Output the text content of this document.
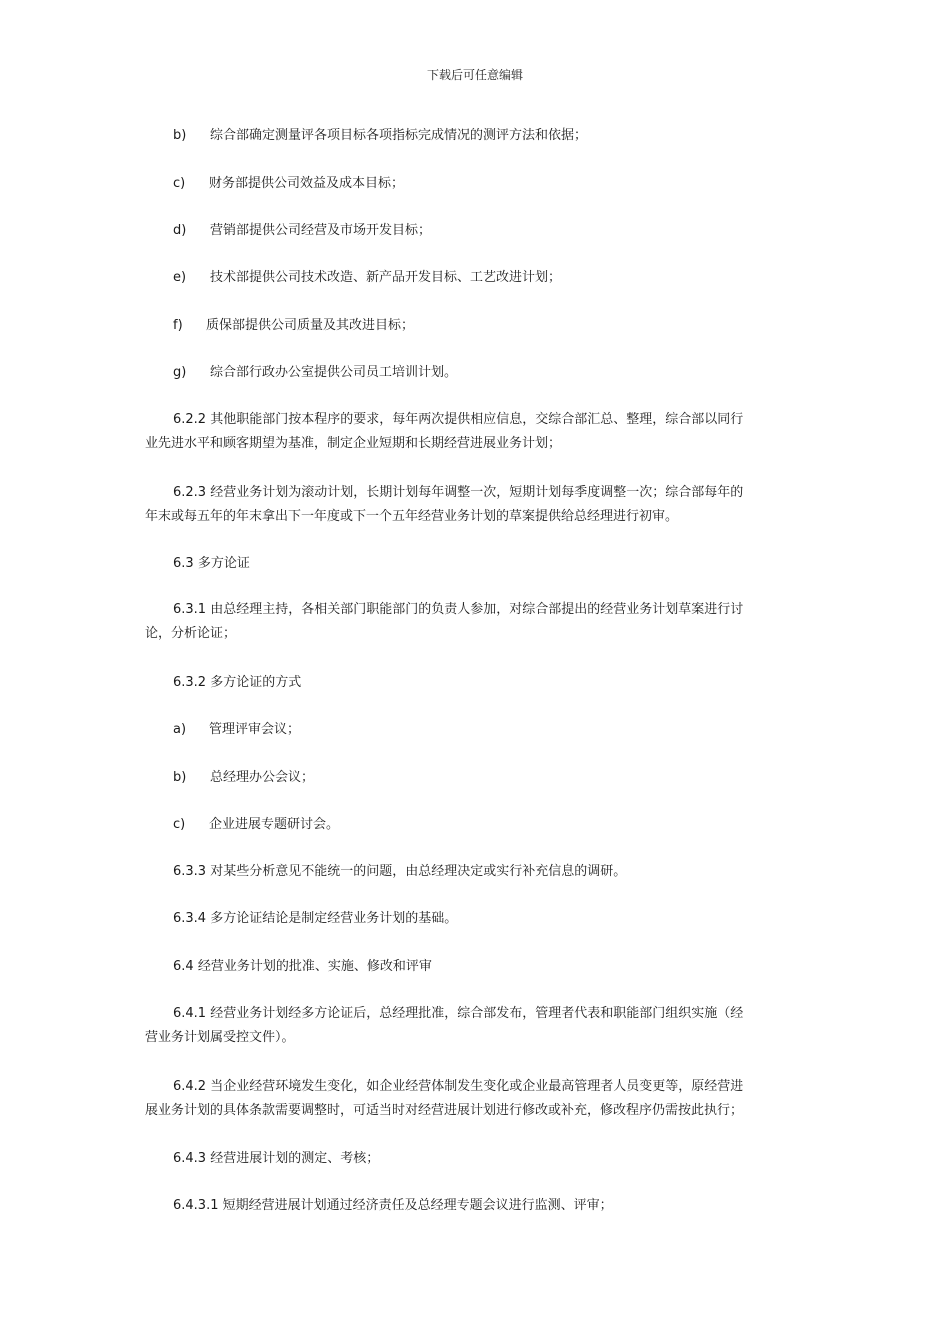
下载后可任意编辑
b) 综合部确定测量评各项目标各项指标完成情况的测评方法和依据；
c) 财务部提供公司效益及成本目标；
d) 营销部提供公司经营及市场开发目标；
e) 技术部提供公司技术改造、新产品开发目标、工艺改进计划；
f) 质保部提供公司质量及其改进目标；
g) 综合部行政办公室提供公司员工培训计划。
6.2.2 其他职能部门按本程序的要求，每年两次提供相应信息，交综合部汇总、整理，综合部以同行
业先进水平和顾客期望为基准，制定企业短期和长期经营进展业务计划；
6.2.3 经营业务计划为滚动计划，长期计划每年调整一次，短期计划每季度调整一次；综合部每年的
年末或每五年的年末拿出下一年度或下一个五年经营业务计划的草案提供给总经理进行初审。
6.3 多方论证
6.3.1 由总经理主持，各相关部门职能部门的负责人参加，对综合部提出的经营业务计划草案进行讨
论，分析论证；
6.3.2 多方论证的方式
a) 管理评审会议；
b) 总经理办公会议；
c) 企业进展专题研讨会。
6.3.3 对某些分析意见不能统一的问题，由总经理决定或实行补充信息的调研。
6.3.4 多方论证结论是制定经营业务计划的基础。
6.4 经营业务计划的批准、实施、修改和评审
6.4.1 经营业务计划经多方论证后，总经理批准，综合部发布，管理者代表和职能部门组织实施（经
营业务计划属受控文件）。
6.4.2 当企业经营环境发生变化，如企业经营体制发生变化或企业最高管理者人员变更等，原经营进
展业务计划的具体条款需要调整时，可适当时对经营进展计划进行修改或补充，修改程序仍需按此执行；
6.4.3 经营进展计划的测定、考核；
6.4.3.1 短期经营进展计划通过经济责任及总经理专题会议进行监测、评审；
